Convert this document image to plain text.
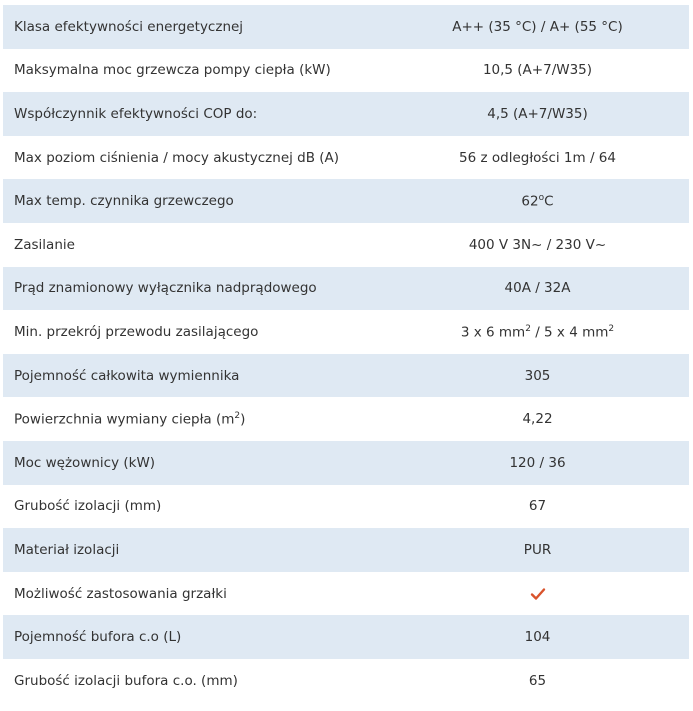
Klasa efektywności energetycznej	A++ (35 °C) / A+ (55 °C)
Maksymalna moc grzewcza pompy ciepła (kW)	10,5 (A+7/W35)
Współczynnik efektywności COP do:	4,5 (A+7/W35)
Max poziom ciśnienia / mocy akustycznej dB (A)	56 z odległości 1m / 64
Max temp. czynnika grzewczego	62$^o$C
Zasilanie	400 V 3N~ / 230 V~
Prąd znamionowy wyłącznika nadprądowego	40A / 32A
Min. przekrój przewodu zasilającego	3 x 6 $mm^2 / 5$ x 4 $mm^2$
Pojemność całkowita wymiennika	305
Powierzchnia wymiany ciepła $(m^2)$	4,22
Moc wężownicy (kW)	120 / 36
Grubość izolacji (mm)	67
Materiał izolacji	PUR
Możliwość zastosowania grzałki	
Pojemność bufora c.o (L)	104
Grubość izolacji bufora c.o. (mm)	65
